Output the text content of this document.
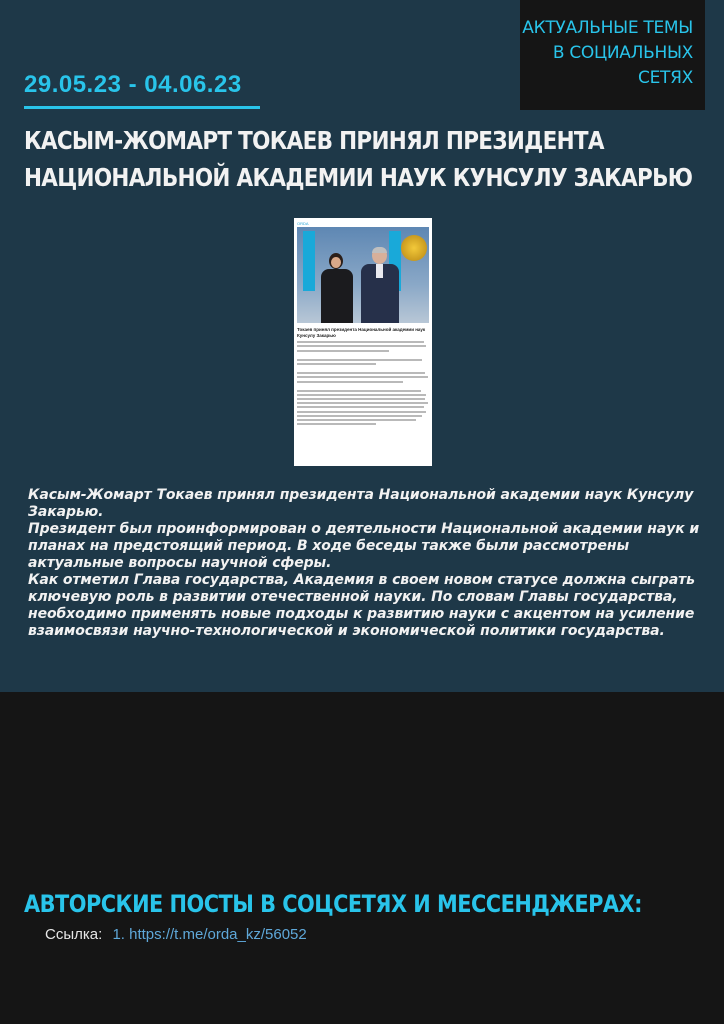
АКТУАЛЬНЫЕ ТЕМЫ
В СОЦИАЛЬНЫХ
СЕТЯХ
29.05.23 - 04.06.23
КАСЫМ-ЖОМАРТ ТОКАЕВ ПРИНЯЛ ПРЕЗИДЕНТА
НАЦИОНАЛЬНОЙ АКАДЕМИИ НАУК КУНСУЛУ ЗАКАРЬЮ
ORDA
Токаев принял президента Национальной академии наук Кунсулу Закарью

Касым-Жомарт Токаев принял президента Национальной академии наук Кунсулу Закарью.

Президент был проинформирован о деятельности Национальной академии наук и планах на предстоящий период. В ходе беседы также были рассмотрены актуальные вопросы научной сферы.

Как отметил Глава государства, Академия в своем новом статусе должна сыграть ключевую роль в развитии отечественной науки. По словам Главы государства, необходимо применять новые подходы к развитию науки с акцентом на усиление взаимосвязи научно-технологической и экономической политики государства.

АВТОРСКИЕ ПОСТЫ В СОЦСЕТЯХ И МЕССЕНДЖЕРАХ:
Ссылка: 1. https://t.me/orda_kz/56052
